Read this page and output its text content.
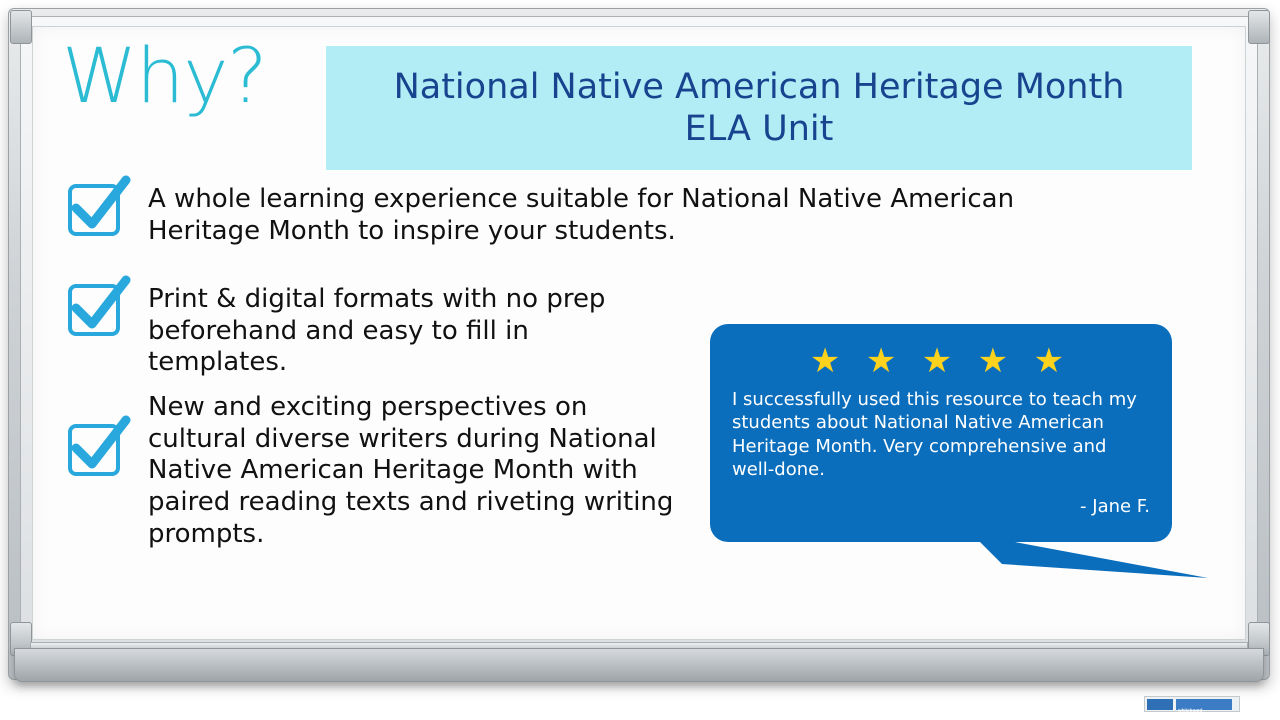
Why?	National Native American Heritage Month
ELA Unit
A whole learning experience suitable for National Native American Heritage Month to inspire your students.
Print & digital formats with no prep beforehand and easy to fill in templates.
New and exciting perspectives on cultural diverse writers during National Native American Heritage Month with paired reading texts and riveting writing prompts.
★ ★ ★ ★ ★
I successfully used this resource to teach my students about National Native American Heritage Month. Very comprehensive and well-done.
- Jane F.
whiteboard
